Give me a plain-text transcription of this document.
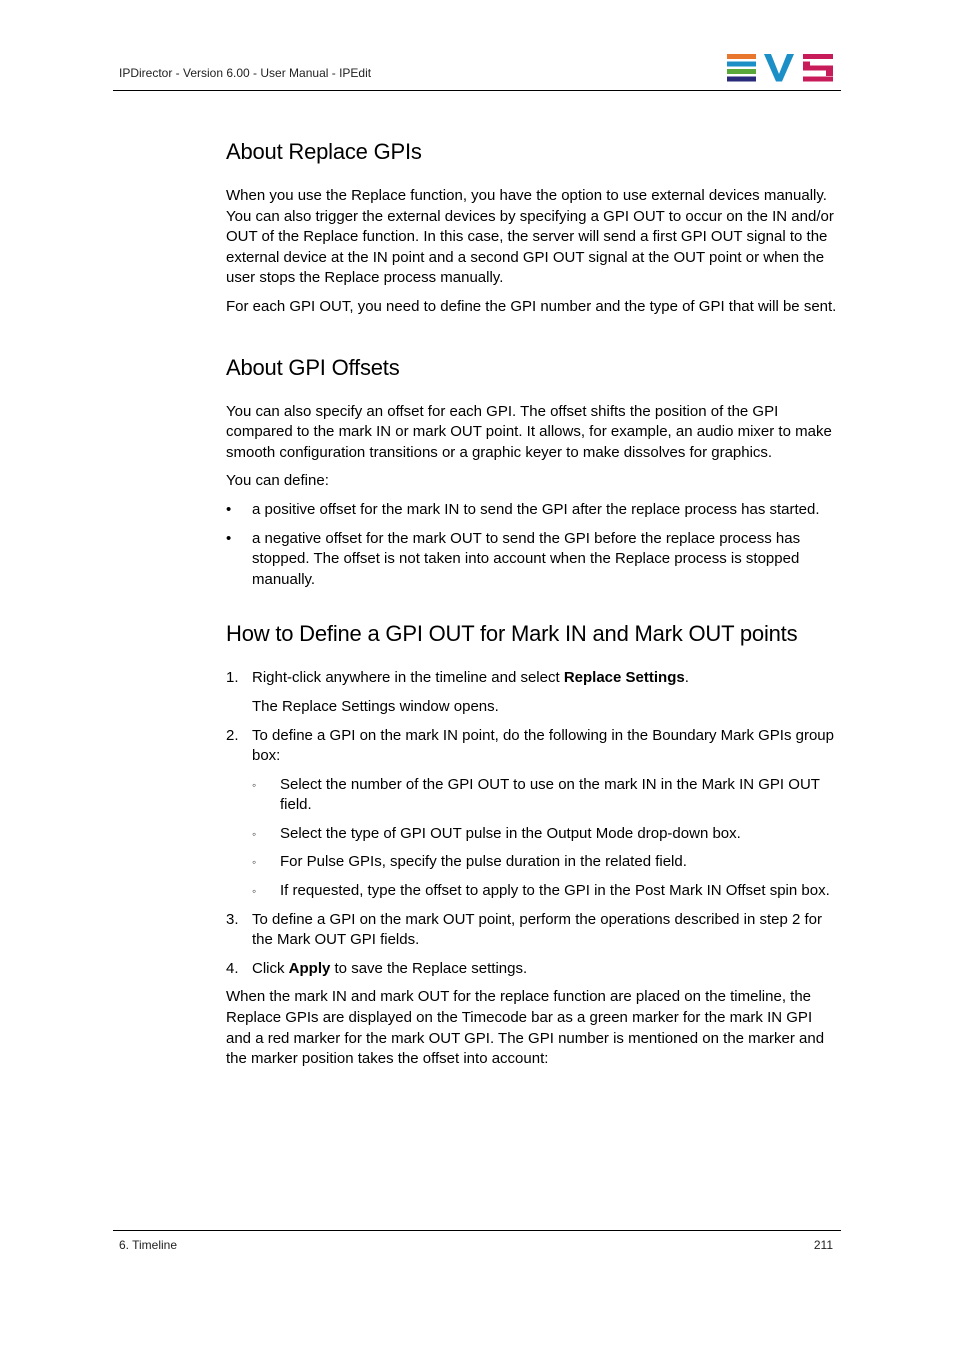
IPDirector - Version 6.00 - User Manual - IPEdit
About Replace GPIs

When you use the Replace function, you have the option to use external devices manually. You can also trigger the external devices by specifying a GPI OUT to occur on the IN and/or OUT of the Replace function. In this case, the server will send a first GPI OUT signal to the external device at the IN point and a second GPI OUT signal at the OUT point or when the user stops the Replace process manually.

For each GPI OUT, you need to define the GPI number and the type of GPI that will be sent.

About GPI Offsets

You can also specify an offset for each GPI. The offset shifts the position of the GPI compared to the mark IN or mark OUT point. It allows, for example, an audio mixer to make smooth configuration transitions or a graphic keyer to make dissolves for graphics.

You can define:

• a positive offset for the mark IN to send the GPI after the replace process has started.
• a negative offset for the mark OUT to send the GPI before the replace process has stopped. The offset is not taken into account when the Replace process is stopped manually.
How to Define a GPI OUT for Mark IN and Mark OUT points
1. Right-click anywhere in the timeline and select Replace Settings.

The Replace Settings window opens.

2. To define a GPI on the mark IN point, do the following in the Boundary Mark GPIs group box:
◦ Select the number of the GPI OUT to use on the mark IN in the Mark IN GPI OUT field.
◦ Select the type of GPI OUT pulse in the Output Mode drop-down box.
◦ For Pulse GPIs, specify the pulse duration in the related field.
◦ If requested, type the offset to apply to the GPI in the Post Mark IN Offset spin box.
3. To define a GPI on the mark OUT point, perform the operations described in step 2 for the Mark OUT GPI fields.
4. Click Apply to save the Replace settings.

When the mark IN and mark OUT for the replace function are placed on the timeline, the Replace GPIs are displayed on the Timecode bar as a green marker for the mark IN GPI and a red marker for the mark OUT GPI. The GPI number is mentioned on the marker and the marker position takes the offset into account:

6. Timeline	211
